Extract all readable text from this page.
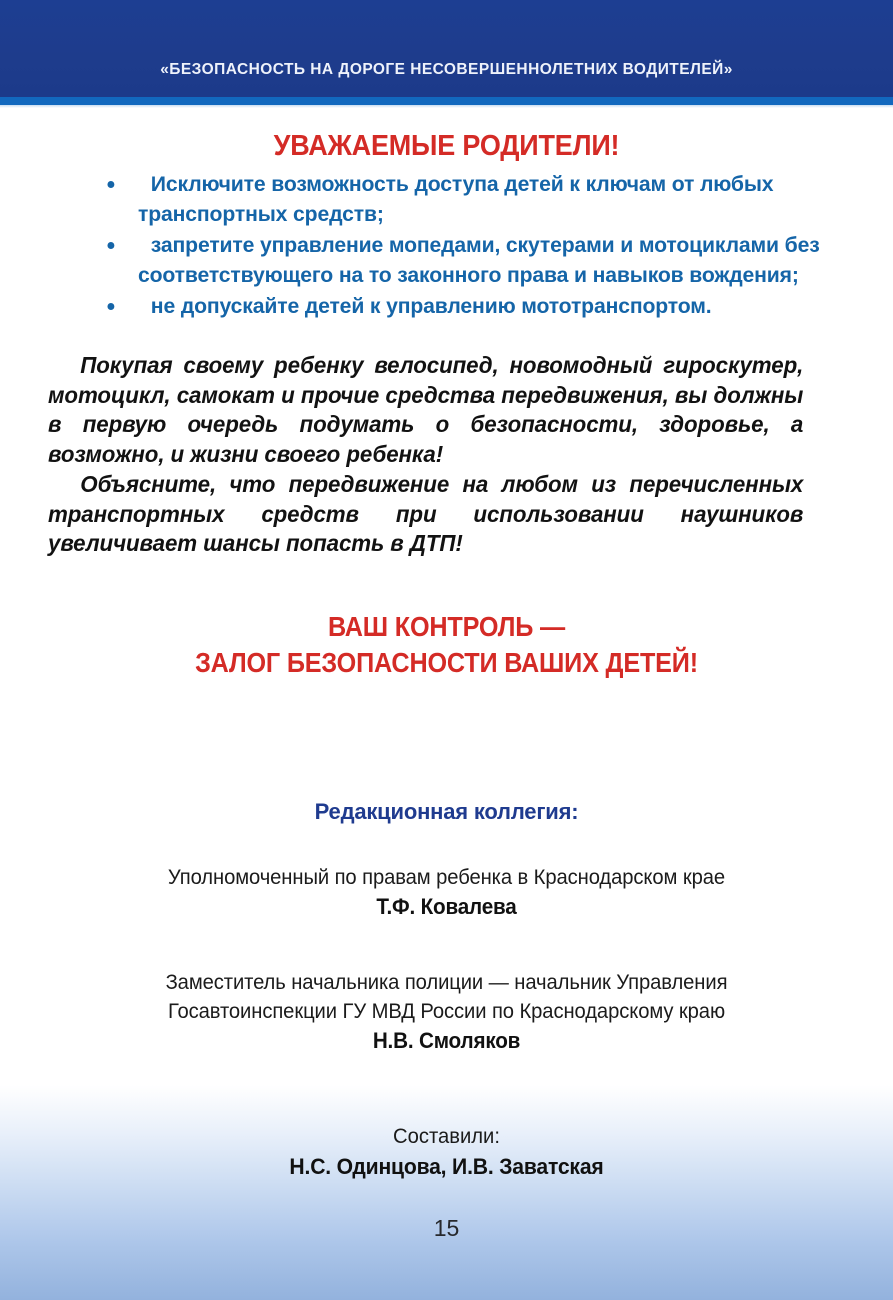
«БЕЗОПАСНОСТЬ НА ДОРОГЕ НЕСОВЕРШЕННОЛЕТНИХ ВОДИТЕЛЕЙ»
УВАЖАЕМЫЕ РОДИТЕЛИ!
Исключите возможность доступа детей к ключам от любых транспортных средств;
запретите управление мопедами, скутерами и мотоциклами без соответствующего на то законного права и навыков вождения;
не допускайте детей к управлению мототранспортом.

Покупая своему ребенку велосипед, новомодный гироскутер, мотоцикл, самокат и прочие средства передвижения, вы должны в первую очередь подумать о безопасности, здоровье, а возможно, и жизни своего ребенка!

Объясните, что передвижение на любом из перечисленных транспортных средств при использовании наушников увеличивает шансы попасть в ДТП!

ВАШ КОНТРОЛЬ —
ЗАЛОГ БЕЗОПАСНОСТИ ВАШИХ ДЕТЕЙ!
Редакционная коллегия:
Уполномоченный по правам ребенка в Краснодарском крае
Т.Ф. Ковалева
Заместитель начальника полиции — начальник Управления
Госавтоинспекции ГУ МВД России по Краснодарскому краю
Н.В. Смоляков
Составили:
Н.С. Одинцова, И.В. Заватская
15
